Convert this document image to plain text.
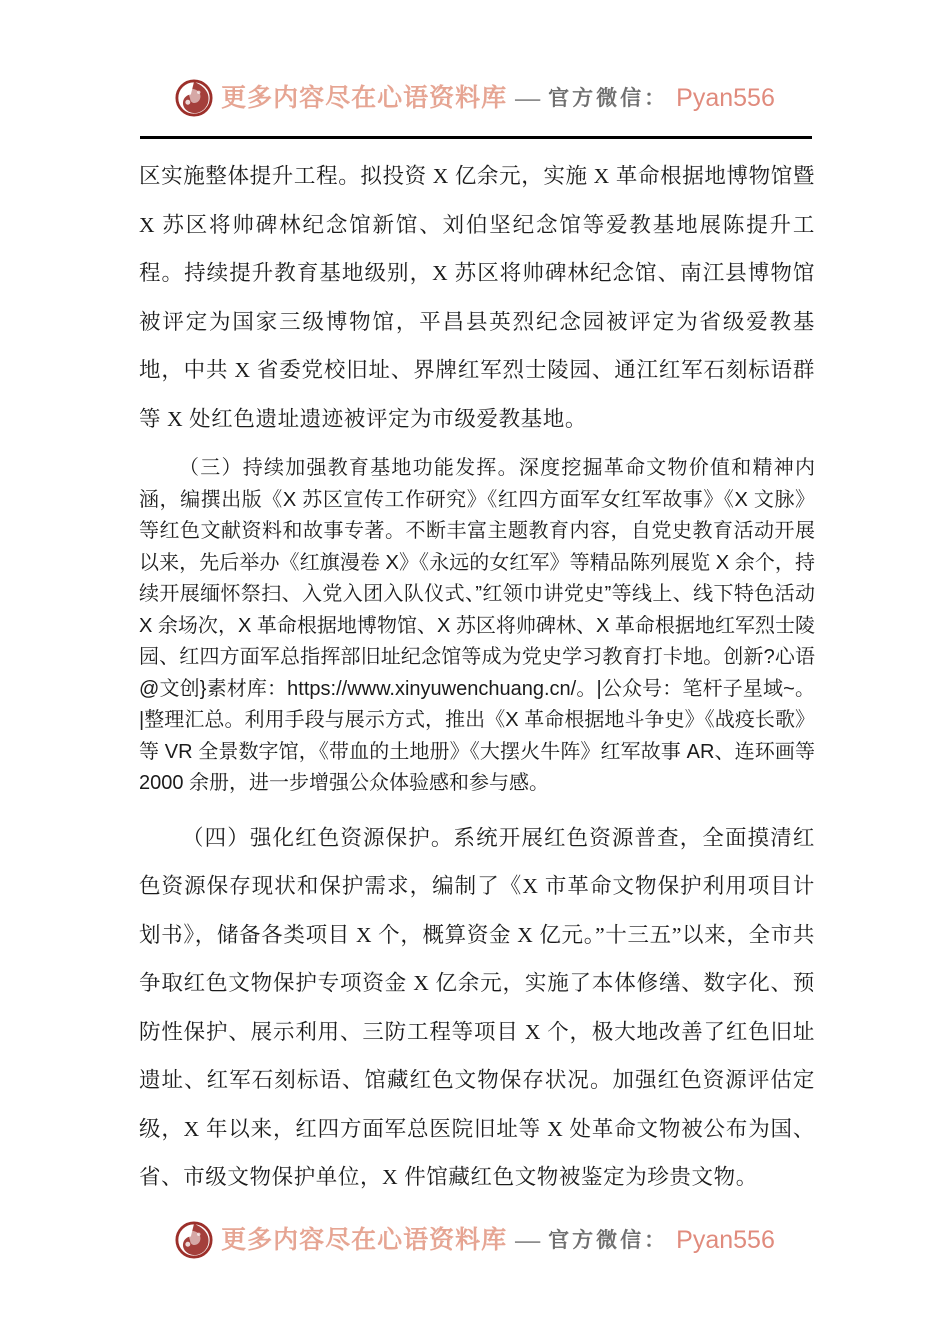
更多内容尽在心语资料库 — 官方微信： Pyan556

区实施整体提升工程。拟投资 X 亿余元，实施 X 革命根据地博物馆暨 X 苏区将帅碑林纪念馆新馆、刘伯坚纪念馆等爱教基地展陈提升工程。持续提升教育基地级别，X 苏区将帅碑林纪念馆、南江县博物馆被评定为国家三级博物馆，平昌县英烈纪念园被评定为省级爱教基地，中共 X 省委党校旧址、界牌红军烈士陵园、通江红军石刻标语群等 X 处红色遗址遗迹被评定为市级爱教基地。

（三）持续加强教育基地功能发挥。深度挖掘革命文物价值和精神内涵，编撰出版《X 苏区宣传工作研究》《红四方面军女红军故事》《X 文脉》等红色文献资料和故事专著。不断丰富主题教育内容，自党史教育活动开展以来，先后举办《红旗漫卷 X》《永远的女红军》等精品陈列展览 X 余个，持续开展缅怀祭扫、入党入团入队仪式、”红领巾讲党史”等线上、线下特色活动 X 余场次，X 革命根据地博物馆、X 苏区将帅碑林、X 革命根据地红军烈士陵园、红四方面军总指挥部旧址纪念馆等成为党史学习教育打卡地。创新?心语@文创}素材库：https://www.xinyuwenchuang.cn/。|公众号：笔杆子星域~。|整理汇总。利用手段与展示方式，推出《X 革命根据地斗争史》《战疫长歌》等 VR 全景数字馆，《带血的土地册》《大摆火牛阵》红军故事 AR、连环画等 2000 余册，进一步增强公众体验感和参与感。

（四）强化红色资源保护。系统开展红色资源普查，全面摸清红色资源保存现状和保护需求，编制了《X 市革命文物保护利用项目计划书》，储备各类项目 X 个，概算资金 X 亿元。”十三五”以来，全市共争取红色文物保护专项资金 X 亿余元，实施了本体修缮、数字化、预防性保护、展示利用、三防工程等项目 X 个，极大地改善了红色旧址遗址、红军石刻标语、馆藏红色文物保存状况。加强红色资源评估定级，X 年以来，红四方面军总医院旧址等 X 处革命文物被公布为国、省、市级文物保护单位，X 件馆藏红色文物被鉴定为珍贵文物。

更多内容尽在心语资料库 — 官方微信： Pyan556
